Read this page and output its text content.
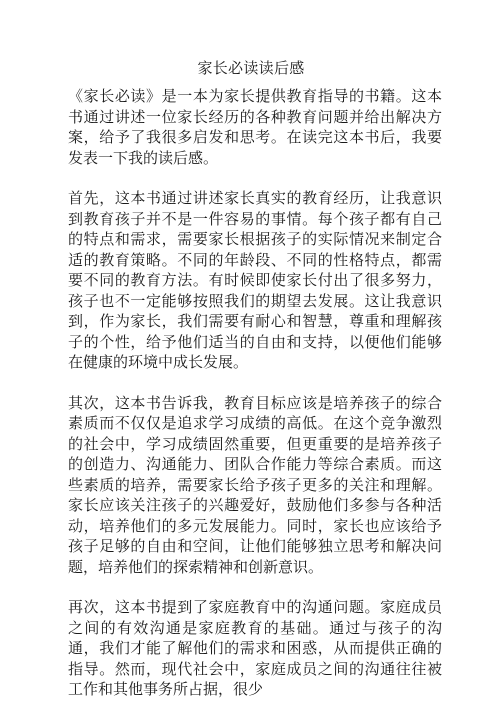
家长必读读后感

《家长必读》是一本为家长提供教育指导的书籍。这本书通过讲述一位家长经历的各种教育问题并给出解决方案，给予了我很多启发和思考。在读完这本书后，我要发表一下我的读后感。

首先，这本书通过讲述家长真实的教育经历，让我意识到教育孩子并不是一件容易的事情。每个孩子都有自己的特点和需求，需要家长根据孩子的实际情况来制定合适的教育策略。不同的年龄段、不同的性格特点，都需要不同的教育方法。有时候即使家长付出了很多努力，孩子也不一定能够按照我们的期望去发展。这让我意识到，作为家长，我们需要有耐心和智慧，尊重和理解孩子的个性，给予他们适当的自由和支持，以便他们能够在健康的环境中成长发展。

其次，这本书告诉我，教育目标应该是培养孩子的综合素质而不仅仅是追求学习成绩的高低。在这个竞争激烈的社会中，学习成绩固然重要，但更重要的是培养孩子的创造力、沟通能力、团队合作能力等综合素质。而这些素质的培养，需要家长给予孩子更多的关注和理解。家长应该关注孩子的兴趣爱好，鼓励他们多参与各种活动，培养他们的多元发展能力。同时，家长也应该给予孩子足够的自由和空间，让他们能够独立思考和解决问题，培养他们的探索精神和创新意识。

再次，这本书提到了家庭教育中的沟通问题。家庭成员之间的有效沟通是家庭教育的基础。通过与孩子的沟通，我们才能了解他们的需求和困惑，从而提供正确的指导。然而，现代社会中，家庭成员之间的沟通往往被工作和其他事务所占据，很少
